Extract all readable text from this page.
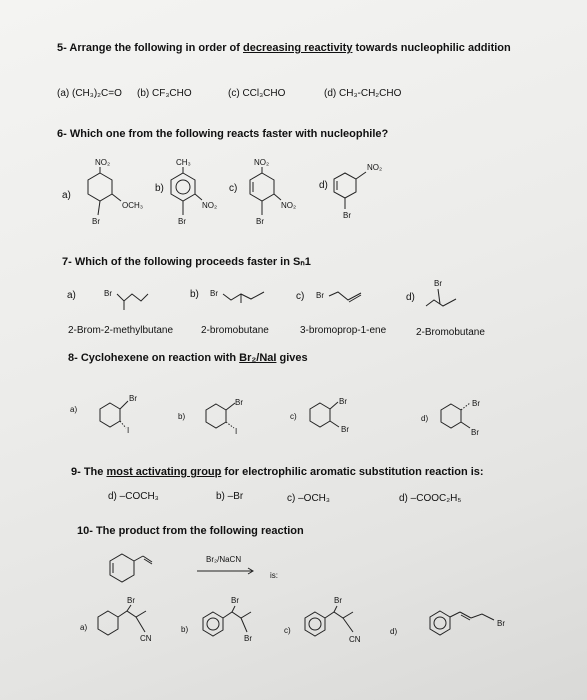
5- Arrange the following in order of decreasing reactivity towards nucleophilic addition
(a) (CH₃)₂C=O (b) CF₃CHO	(c) CCl₃CHO	(d) CH₃-CH₂CHO
6- Which one from the following reacts faster with nucleophile?
a)
NO₂
OCH₃
Br
b)
CH₃
NO₂
Br
c)
NO₂
NO₂
Br
d)
NO₂
Br
7- Which of the following proceeds faster in Sₙ1
a)	Br	b) Br	c) Br	d)
Br
2-Brom-2-methylbutane	2-bromobutane	3-bromoprop-1-ene	2-Bromobutane
8- Cyclohexene on reaction with Br₂/NaI gives
a)
Br
I
b)
Br
I
c)
Br
Br
d)
Br
Br
9- The most activating group for electrophilic aromatic substitution reaction is:
d) –COCH₃	b) –Br	c) –OCH₃	d) –COOC₂H₅
10- The product from the following reaction
Br₂/NaCN
is:
a)
Br
CN
b)
Br
Br
c)
Br
CN
d)
Br
